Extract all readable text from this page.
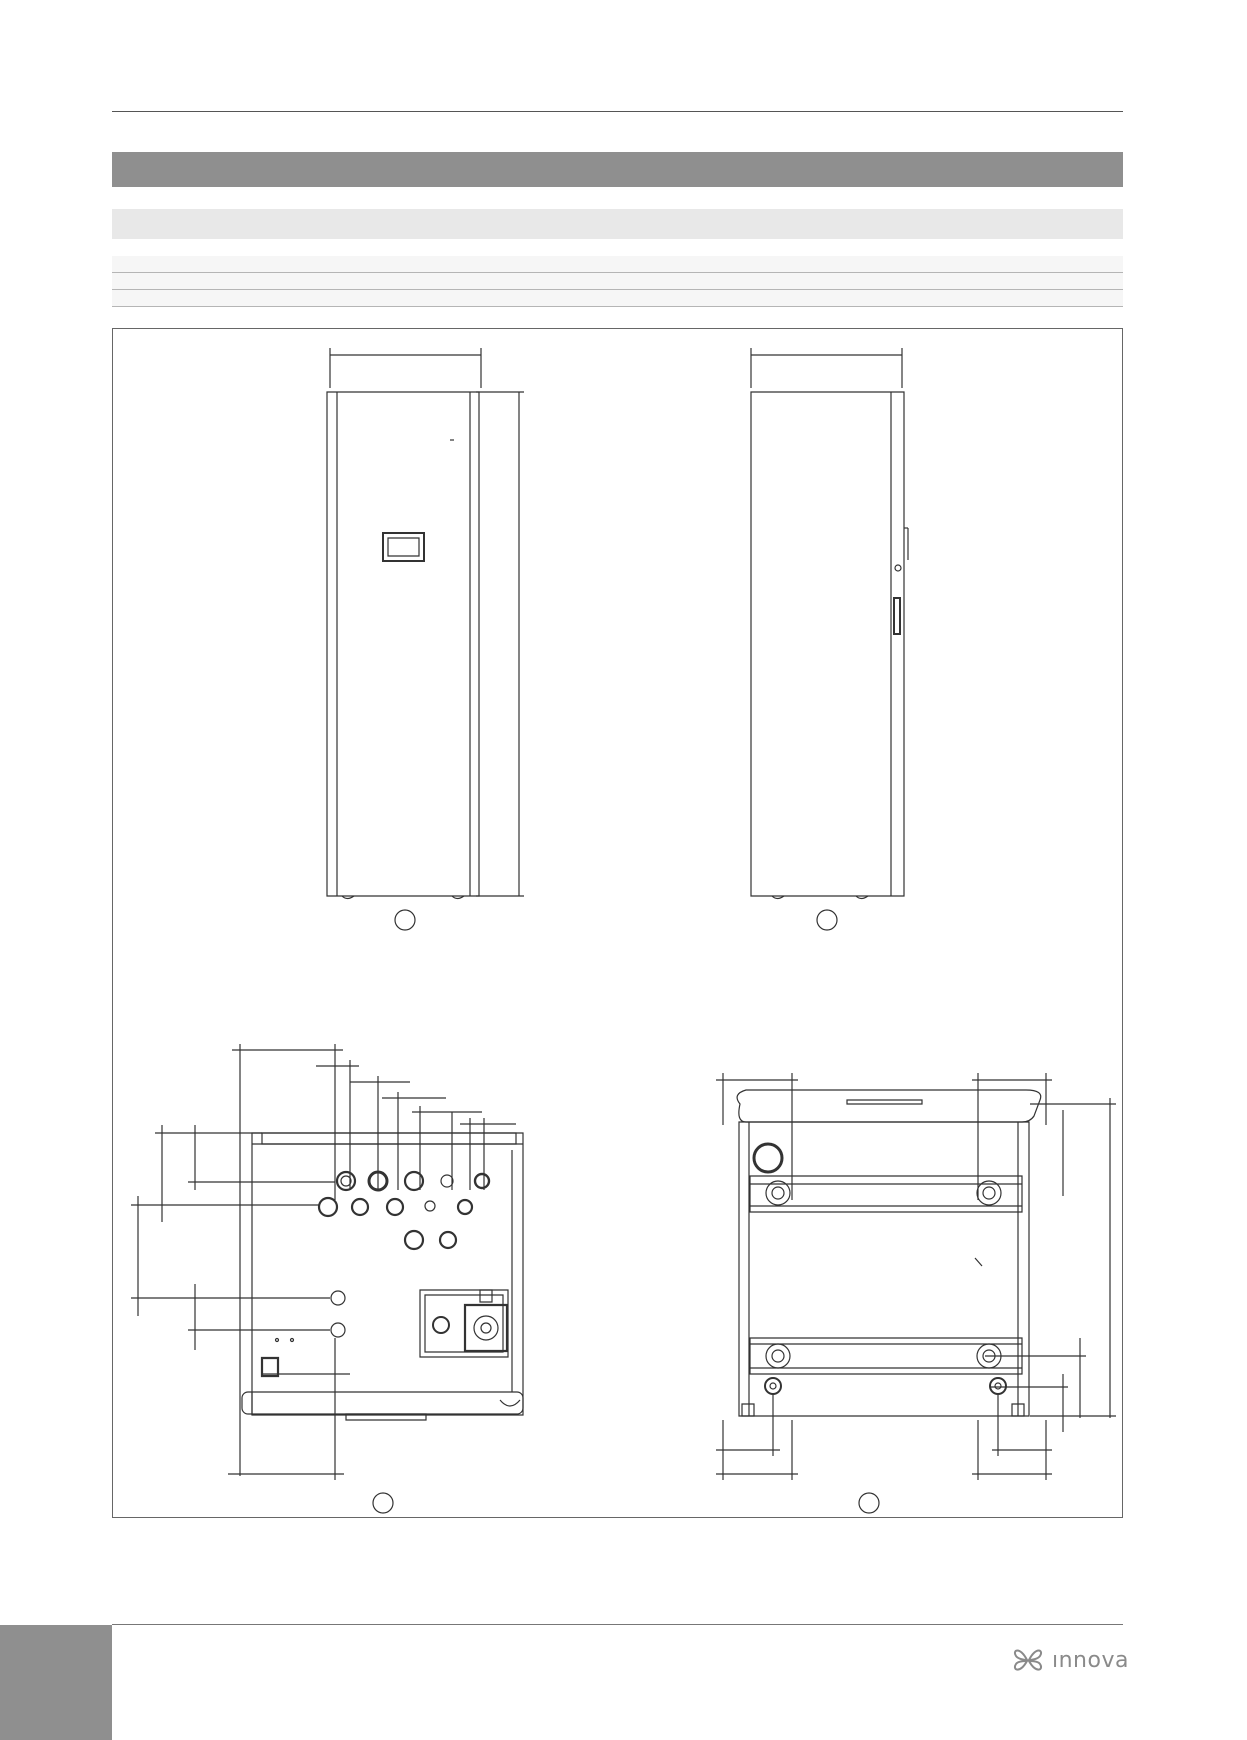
ınnova
